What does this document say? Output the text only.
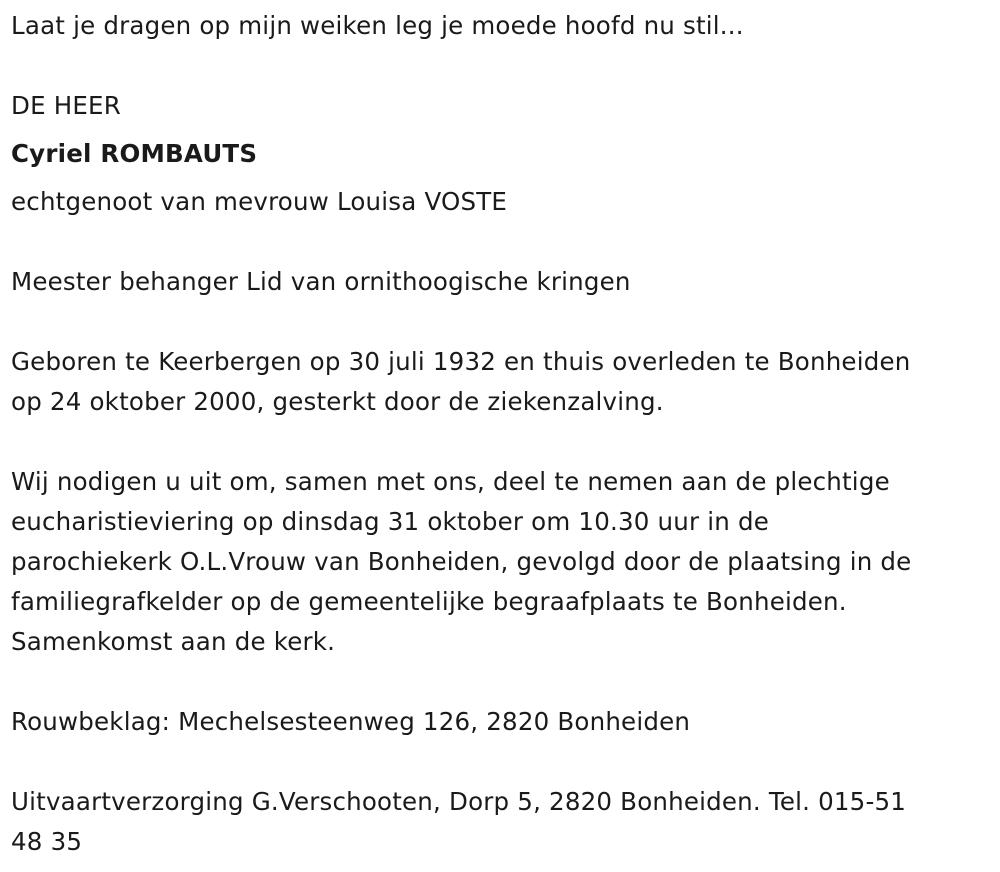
Laat je dragen op mijn weiken leg je moede hoofd nu stil...
DE HEER
Cyriel ROMBAUTS
echtgenoot van mevrouw Louisa VOSTE
Meester behanger Lid van ornithoogische kringen
Geboren te Keerbergen op 30 juli 1932 en thuis overleden te Bonheiden
op 24 oktober 2000, gesterkt door de ziekenzalving.
Wij nodigen u uit om, samen met ons, deel te nemen aan de plechtige
eucharistieviering op dinsdag 31 oktober om 10.30 uur in de
parochiekerk O.L.Vrouw van Bonheiden, gevolgd door de plaatsing in de
familiegrafkelder op de gemeentelijke begraafplaats te Bonheiden.
Samenkomst aan de kerk.
Rouwbeklag: Mechelsesteenweg 126, 2820 Bonheiden
Uitvaartverzorging G.Verschooten, Dorp 5, 2820 Bonheiden. Tel. 015-51
48 35
